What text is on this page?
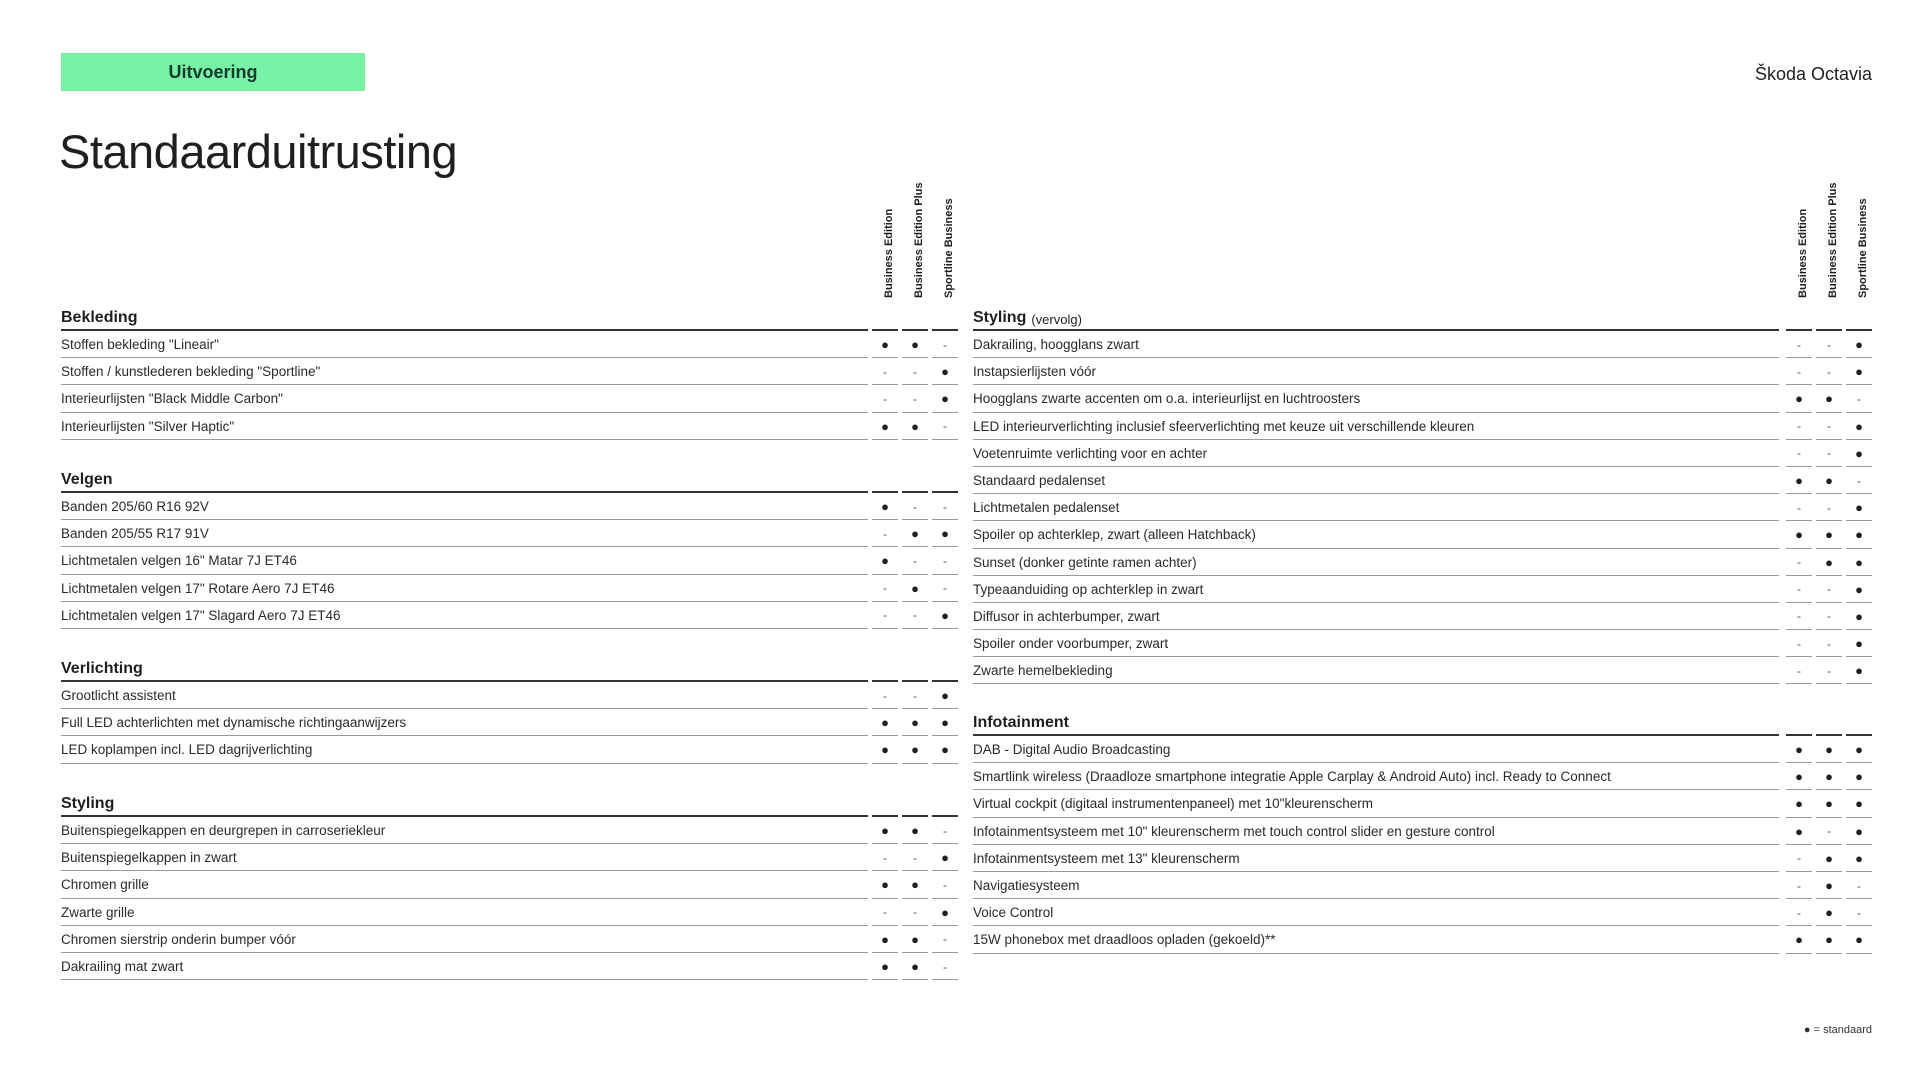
Uitvoering	Škoda Octavia
Standaarduitrusting
Business Edition Business Edition Plus Sportline Business
Bekleding
Stoffen bekleding "Lineair"	●	●	-
Stoffen / kunstlederen bekleding "Sportline"	-	-	●
Interieurlijsten "Black Middle Carbon"	-	-	●
Interieurlijsten "Silver Haptic"	●	●	-
Velgen
Banden 205/60 R16 92V	●	-	-
Banden 205/55 R17 91V	-	●	●
Lichtmetalen velgen 16" Matar 7J ET46	●	-	-
Lichtmetalen velgen 17" Rotare Aero 7J ET46	-	●	-
Lichtmetalen velgen 17" Slagard Aero 7J ET46	-	-	●
Verlichting
Grootlicht assistent	-	-	●
Full LED achterlichten met dynamische richtingaanwijzers	●	●	●
LED koplampen incl. LED dagrijverlichting	●	●	●
Styling
Buitenspiegelkappen en deurgrepen in carroseriekleur	●	●	-
Buitenspiegelkappen in zwart	-	-	●
Chromen grille	●	●	-
Zwarte grille	-	-	●
Chromen sierstrip onderin bumper vóór	●	●	-
Dakrailing mat zwart	●	●	-
Business Edition Business Edition Plus Sportline Business
Styling (vervolg)
Dakrailing, hoogglans zwart	-	-	●
Instapsierlijsten vóór	-	-	●
Hoogglans zwarte accenten om o.a. interieurlijst en luchtroosters	●	●	-
LED interieurverlichting inclusief sfeerverlichting met keuze uit verschillende kleuren	-	-	●
Voetenruimte verlichting voor en achter	-	-	●
Standaard pedalenset	●	●	-
Lichtmetalen pedalenset	-	-	●
Spoiler op achterklep, zwart (alleen Hatchback)	●	●	●
Sunset (donker getinte ramen achter)	-	●	●
Typeaanduiding op achterklep in zwart	-	-	●
Diffusor in achterbumper, zwart	-	-	●
Spoiler onder voorbumper, zwart	-	-	●
Zwarte hemelbekleding	-	-	●
Infotainment
DAB - Digital Audio Broadcasting	●	●	●
Smartlink wireless (Draadloze smartphone integratie Apple Carplay & Android Auto) incl. Ready to Connect	●	●	●
Virtual cockpit (digitaal instrumentenpaneel) met 10"kleurenscherm	●	●	●
Infotainmentsysteem met 10" kleurenscherm met touch control slider en gesture control	●	-	●
Infotainmentsysteem met 13" kleurenscherm	-	●	●
Navigatiesysteem	-	●	-
Voice Control	-	●	-
15W phonebox met draadloos opladen (gekoeld)**	●	●	●
● = standaard
